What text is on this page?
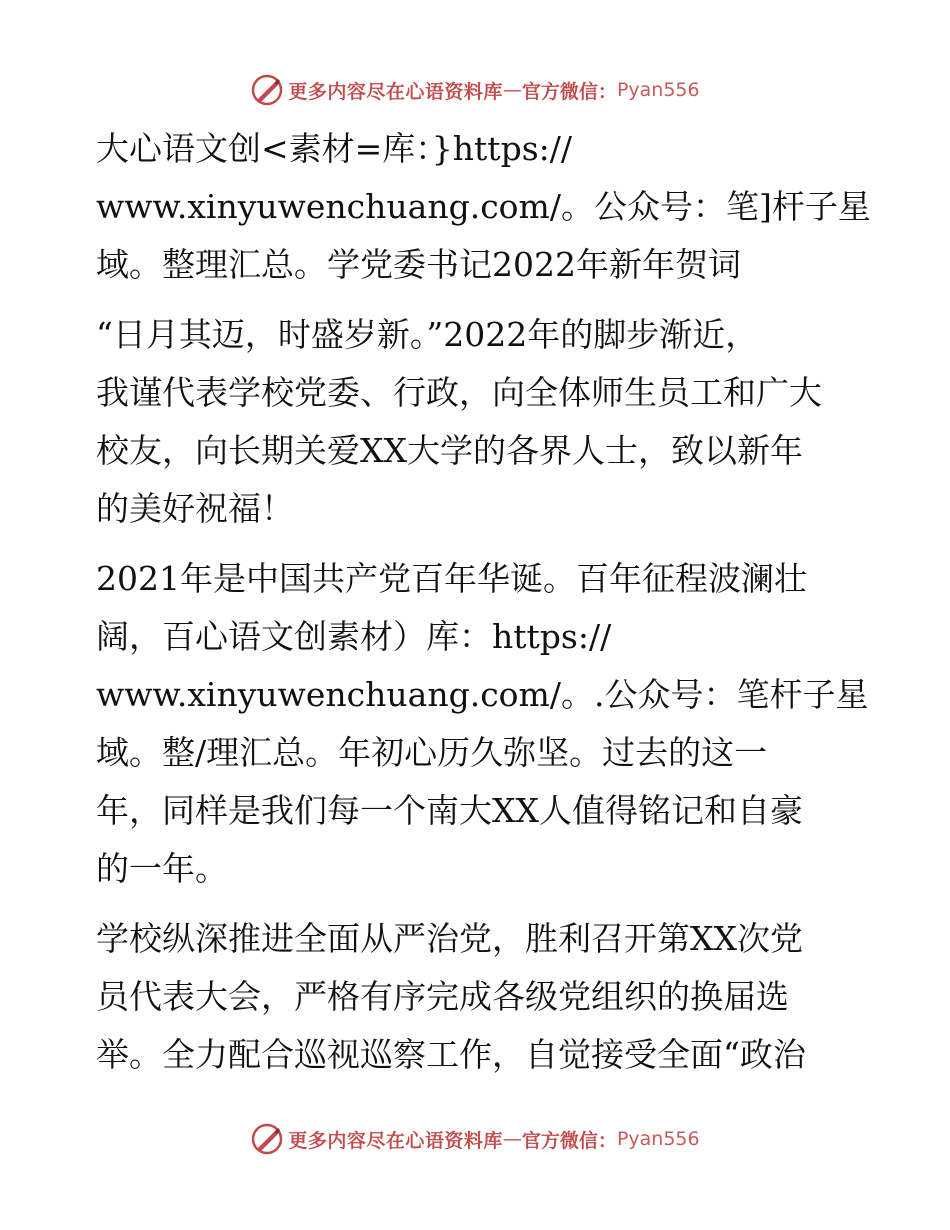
更多内容尽在心语资料库 — 官方微信： Pyan556
大心语文创<素材=库：}https://
www.xinyuwenchuang.com/。公众号：笔]杆子星
域。整理汇总。学党委书记2022年新年贺词
“日月其迈，时盛岁新。”2022年的脚步渐近，
我谨代表学校党委、行政，向全体师生员工和广大
校友，向长期关爱XX大学的各界人士，致以新年
的美好祝福！
2021年是中国共产党百年华诞。百年征程波澜壮
阔，百心语文创素材）库：https://
www.xinyuwenchuang.com/。.公众号：笔杆子星
域。整/理汇总。年初心历久弥坚。过去的这一
年，同样是我们每一个南大XX人值得铭记和自豪
的一年。
学校纵深推进全面从严治党，胜利召开第XX次党
员代表大会，严格有序完成各级党组织的换届选
举。全力配合巡视巡察工作，自觉接受全面“政治
更多内容尽在心语资料库 — 官方微信： Pyan556
